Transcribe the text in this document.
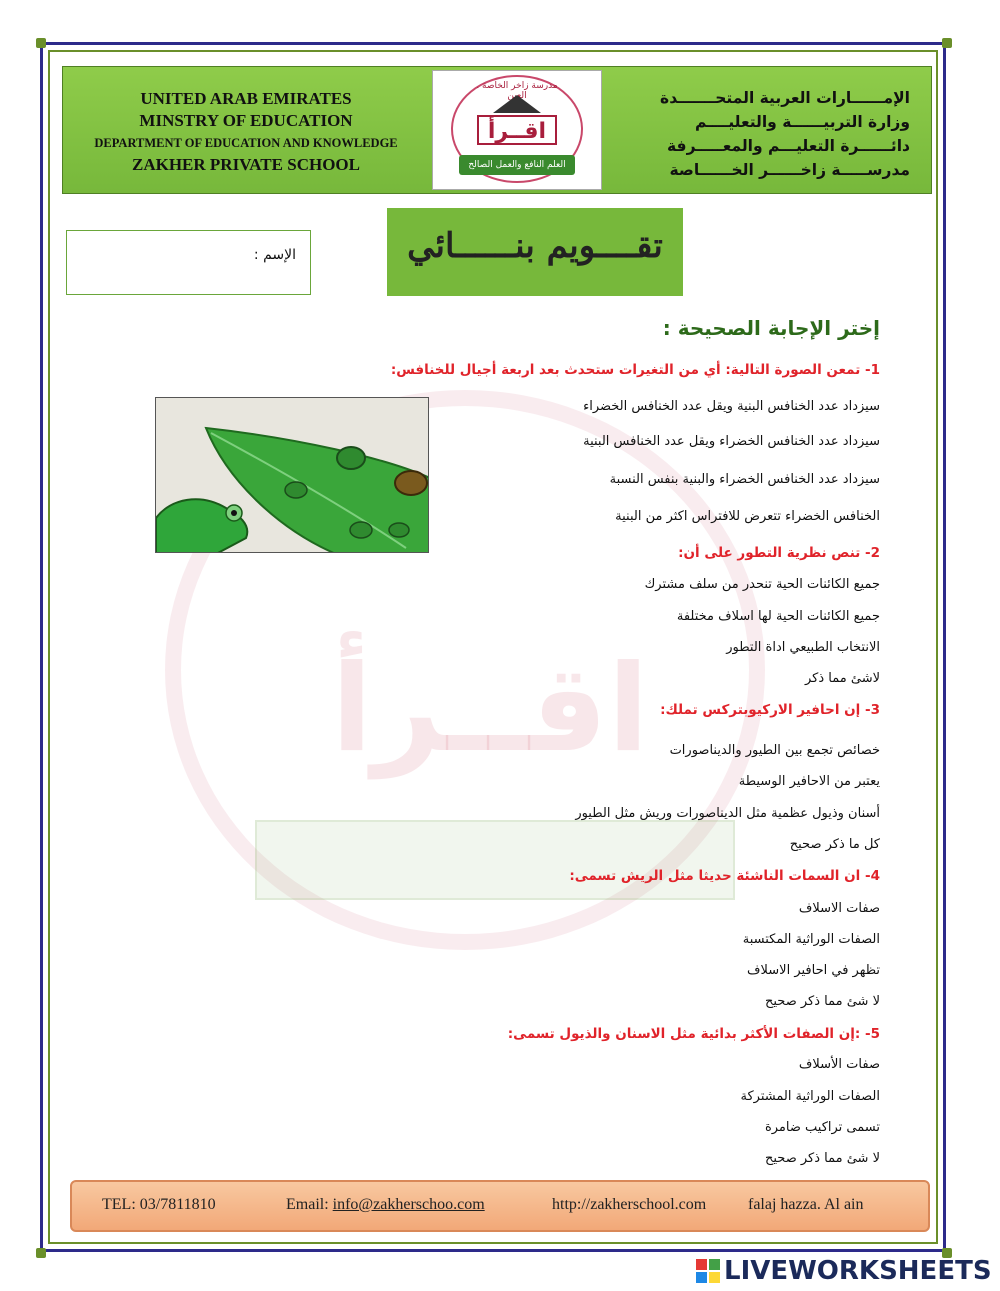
اقــرأ
UNITED ARAB EMIRATES
MINSTRY OF EDUCATION
DEPARTMENT OF EDUCATION AND KNOWLEDGE
ZAKHER PRIVATE SCHOOL
الإمــــــارات العربية المتحـــــــدة
وزارة التربيــــــة والتعليــــم
دائــــــرة التعليـــم والمعـــــرفة
مدرســـــة زاخــــــر الخــــــاصة
مدرسة زاخر الخاصة . العين
اقــرأ
العلم النافع والعمل الصالح
الإسم :	تقــــويم بنــــــائي
إختر الإجابة الصحيحة :
1- تمعن الصورة التالية: أي من التغيرات ستحدث بعد اربعة أجيال للخنافس:
سيزداد عدد الخنافس البنية ويقل عدد الخنافس الخضراء
سيزداد عدد الخنافس الخضراء ويقل عدد الخنافس البنية
سيزداد عدد الخنافس الخضراء والبنية بنفس النسبة
الخنافس الخضراء تتعرض للافتراس اكثر من البنية
2- تنص نظرية التطور على أن:
جميع الكائنات الحية تنحدر من سلف مشترك
جميع الكائنات الحية لها اسلاف مختلفة
الانتخاب الطبيعي اداة التطور
لاشئ مما ذكر
3- إن احافير الاركيوبتركس تملك:
خصائص تجمع بين الطيور والديناصورات
يعتبر من الاحافير الوسيطة
أسنان وذيول عظمية مثل الديناصورات وريش مثل الطيور
كل ما ذكر صحيح
4- ان السمات الناشئة حديثا مثل الريش تسمى:
صفات الاسلاف
الصفات الوراثية المكتسبة
تظهر في احافير الاسلاف
لا شئ مما ذكر صحيح
5- :إن الصفات الأكثر بدائية مثل الاسنان والذيول تسمى:
صفات الأسلاف
الصفات الوراثية المشتركة
تسمى تراكيب ضامرة
لا شئ مما ذكر صحيح
TEL: 03/7811810	Email: info@zakherschoo.com	http://zakherschool.com	falaj hazza. Al ain
LIVEWORKSHEETS
